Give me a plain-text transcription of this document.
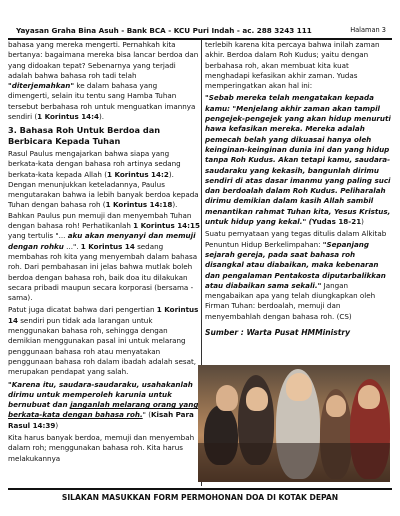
Yayasan Graha Bina Asuh - Bank BCA - KCU Puri Indah - ac. 288 3243 111	Halaman 3

bahasa yang mereka mengerti. Pernahkah kita bertanya: bagaimana mereka bisa lancar berdoa dan yang didoakan tepat? Sebenarnya yang terjadi adalah bahwa bahasa roh tadi telah "diterjemahkan" ke dalam bahasa yang dimengerti, selain itu tentu sang Hamba Tuhan tersebut berbahasa roh untuk menguatkan imannya sendiri (1 Korintus 14:4).

3. Bahasa Roh Untuk Berdoa dan Berbicara Kepada Tuhan

Rasul Paulus mengajarkan bahwa siapa yang berkata-kata dengan bahasa roh artinya sedang berkata-kata kepada Allah (1 Korintus 14:2). Dengan menunjukkan keteladannya, Paulus mengutarakan bahwa ia lebih banyak berdoa kepada Tuhan dengan bahasa roh (1 Korintus 14:18). Bahkan Paulus pun memuji dan menyembah Tuhan dengan bahasa roh! Perhatikanlah 1 Korintus 14:15 yang tertulis "... aku akan menyanyi dan memuji dengan rohku ...". 1 Korintus 14 sedang membahas roh kita yang menyembah dalam bahasa roh. Dari pembahasan ini jelas bahwa mutlak boleh berdoa dengan bahasa roh, baik doa itu dilakukan secara pribadi maupun secara korporasi (bersama -sama).

Patut juga dicatat bahwa dari pengertian 1 Korintus 14 sendiri pun tidak ada larangan untuk menggunakan bahasa roh, sehingga dengan demikian menggunakan pasal ini untuk melarang penggunaan bahasa roh atau menyatakan penggunaan bahasa roh dalam ibadah adalah sesat, merupakan pendapat yang salah.

"Karena itu, saudara-saudaraku, usahakanlah dirimu untuk memperoleh karunia untuk bernubuat dan janganlah melarang orang yang berkata-kata dengan bahasa roh." (Kisah Para Rasul 14:39)

Kita harus banyak berdoa, memuji dan menyembah dalam roh; menggunakan bahasa roh. Kita harus melakukannya

terlebih karena kita percaya bahwa inilah zaman akhir. Berdoa dalam Roh Kudus; yaitu dengan berbahasa roh, akan membuat kita kuat menghadapi kefasikan akhir zaman. Yudas memperingatkan akan hal ini:

"Sebab mereka telah mengatakan kepada kamu: "Menjelang akhir zaman akan tampil pengejek-pengejek yang akan hidup menuruti hawa kefasikan mereka. Mereka adalah pemecah belah yang dikuasai hanya oleh keinginan-keinginan dunia ini dan yang hidup tanpa Roh Kudus. Akan tetapi kamu, saudara-saudaraku yang kekasih, bangunlah dirimu sendiri di atas dasar imanmu yang paling suci dan berdoalah dalam Roh Kudus. Peliharalah dirimu demikian dalam kasih Allah sambil menantikan rahmat Tuhan kita, Yesus Kristus, untuk hidup yang kekal." (Yudas 18-21)

Suatu pernyataan yang tegas ditulis dalam Alkitab Penuntun Hidup Berkelimpahan: "Sepanjang sejarah gereja, pada saat bahasa roh disangkal atau diabaikan, maka kebenaran dan pengalaman Pentakosta diputarbalikkan atau diabaikan sama sekali." Jangan mengabaikan apa yang telah diungkapkan oleh Firman Tuhan: berdoalah, memuji dan menyembahlah dengan bahasa roh. (CS)

Sumber : Warta Pusat HMMinistry

SILAKAN MASUKKAN FORM PERMOHONAN DOA DI KOTAK DEPAN
